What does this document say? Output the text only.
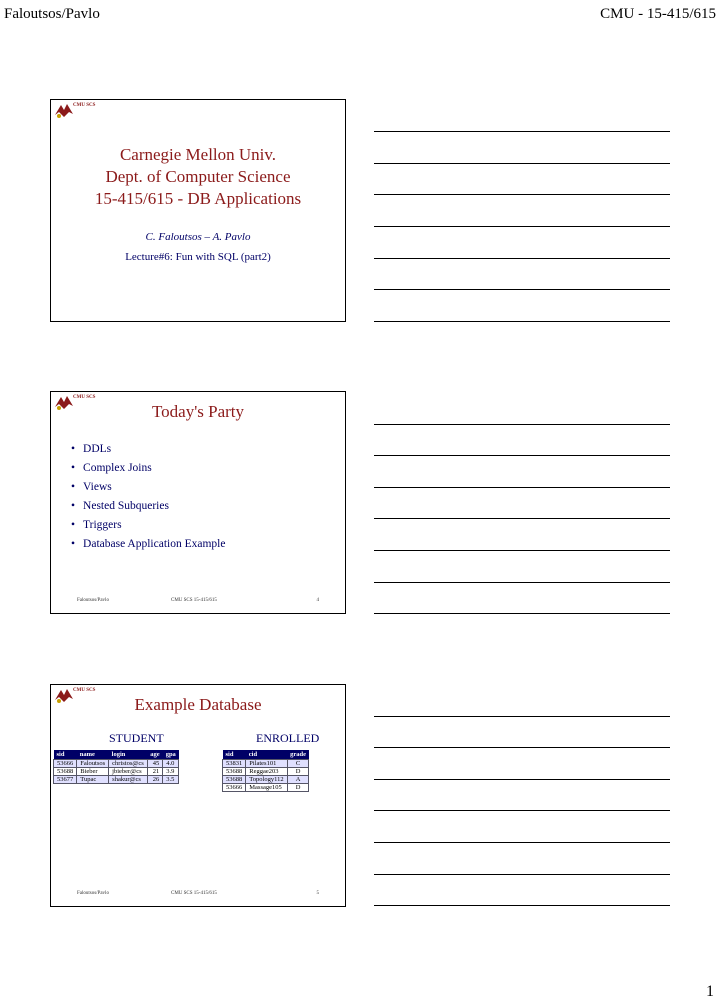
Faloutsos/Pavlo	CMU - 15-415/615
CMU SCS
Carnegie Mellon Univ.
Dept. of Computer Science
15-415/615 - DB Applications
C. Faloutsos – A. Pavlo
Lecture#6: Fun with SQL (part2)
CMU SCS
Today's Party
• DDLs
• Complex Joins
• Views
• Nested Subqueries
• Triggers
• Database Application Example
Faloutsos/Pavlo	CMU SCS 15-415/615	4
CMU SCS
Example Database
STUDENT
sid	name	login	age	gpa
53666	Faloutsos	christos@cs	45	4.0
53688	Bieber	jbieber@cs	21	3.9
53677	Tupac	shakur@cs	26	3.5
ENROLLED
sid	cid	grade
53831	Pilates101	C
53688	Reggae203	D
53688	Topology112	A
53666	Massage105	D
Faloutsos/Pavlo	CMU SCS 15-415/615	5
1
